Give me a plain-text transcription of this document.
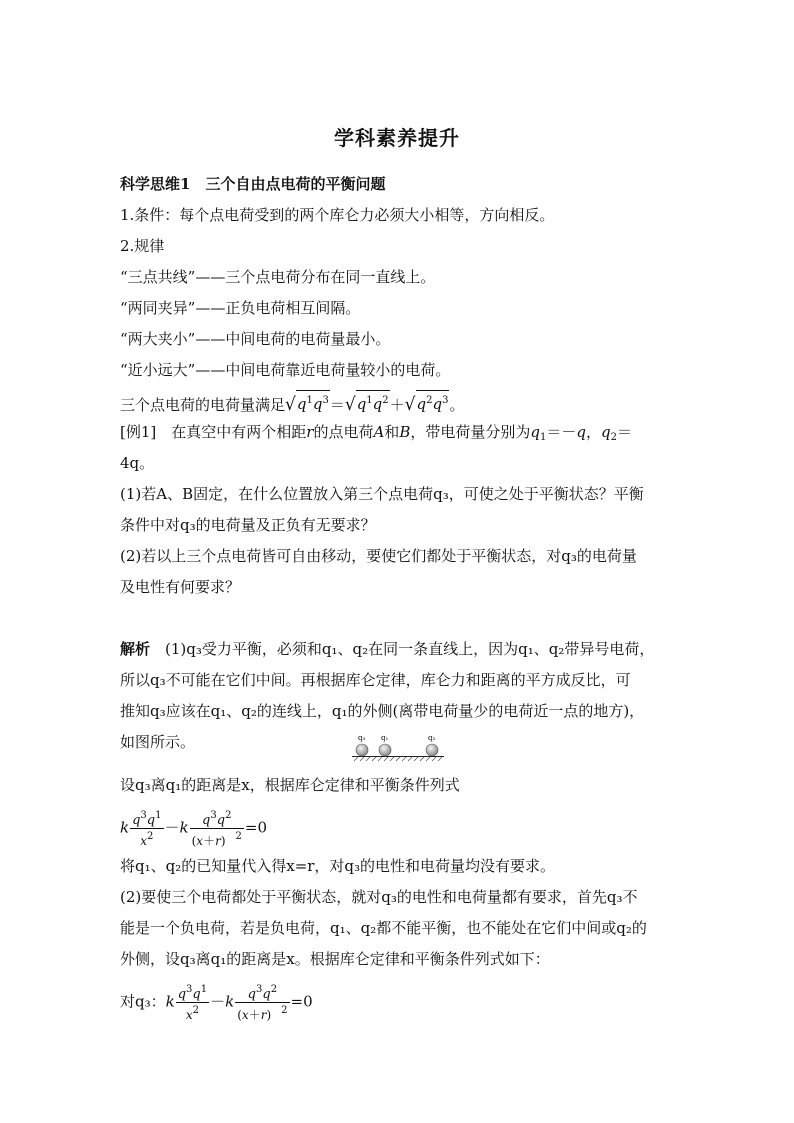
学科素养提升
科学思维1　三个自由点电荷的平衡问题
1.条件：每个点电荷受到的两个库仑力必须大小相等，方向相反。
2.规律
“三点共线”——三个点电荷分布在同一直线上。
“两同夹异”——正负电荷相互间隔。
“两大夹小”——中间电荷的电荷量最小。
“近小远大”——中间电荷靠近电荷量较小的电荷。
三个点电荷的电荷量满足$√q^1q^3=√q^1q^2+√q^2q^3$。
[例1]　在真空中有两个相距r的点电荷A和B，带电荷量分别为$q_1=-q$，$q_2=$
4q。
(1)若A、B固定，在什么位置放入第三个点电荷q₃，可使之处于平衡状态？平衡
条件中对q₃的电荷量及正负有无要求？
(2)若以上三个点电荷皆可自由移动，要使它们都处于平衡状态，对q₃的电荷量
及电性有何要求？
解析　(1)q₃受力平衡，必须和q₁、q₂在同一条直线上，因为q₁、q₂带异号电荷，
所以q₃不可能在它们中间。再根据库仑定律，库仑力和距离的平方成反比，可
推知q₃应该在q₁、q₂的连线上，q₁的外侧(离带电荷量少的电荷近一点的地方)，
如图所示。	q₃ q₁	q₂
设q₃离q₁的距离是x，根据库仑定律和平衡条件列式
k $\frac{q^3q^1}{x^2} -k \frac{q^3q^2}{(x+r) ^2} =0$
将q₁、q₂的已知量代入得x=r，对q₃的电性和电荷量均没有要求。
(2)要使三个电荷都处于平衡状态，就对q₃的电性和电荷量都有要求，首先q₃不
能是一个负电荷，若是负电荷，q₁、q₂都不能平衡，也不能处在它们中间或q₂的
外侧，设q₃离q₁的距离是x。根据库仑定律和平衡条件列式如下：
对q₃：k $\frac{q^3q^1}{x^2} -k \frac{q^3q^2}{(x+r) ^2} =0$
